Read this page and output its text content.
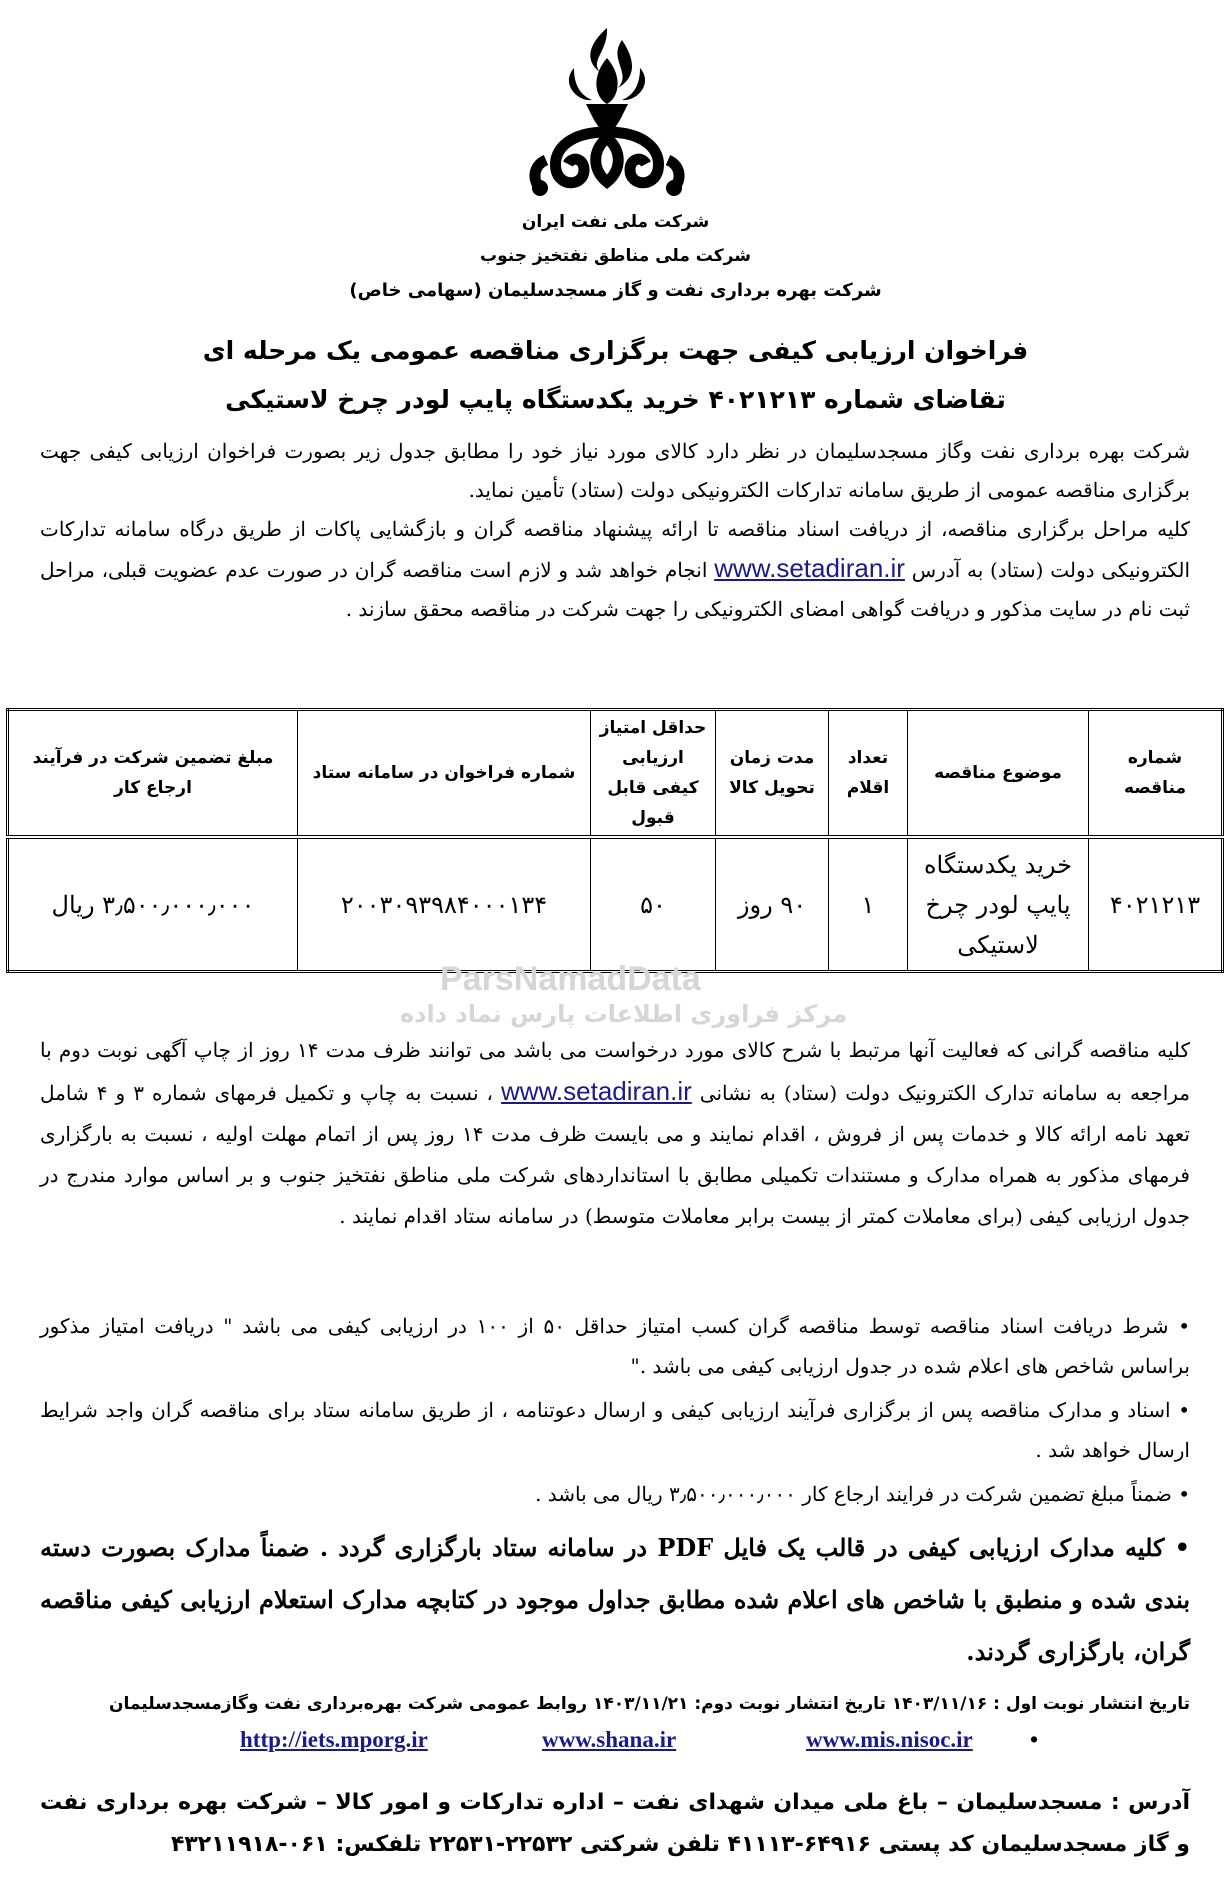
شرکت ملی نفت ایران
شرکت ملی مناطق نفتخیز جنوب
شرکت بهره برداری نفت و گاز مسجدسلیمان (سهامی خاص)
فراخوان ارزیابی کیفی جهت برگزاری مناقصه عمومی یک مرحله ای
تقاضای شماره ۴۰۲۱۲۱۳ خرید یکدستگاه پایپ لودر چرخ لاستیکی
شرکت بهره برداری نفت وگاز مسجدسلیمان در نظر دارد کالای مورد نیاز خود را مطابق جدول زیر بصورت فراخوان ارزیابی کیفی جهت برگزاری مناقصه عمومی از طریق سامانه تدارکات الکترونیکی دولت (ستاد) تأمین نماید.
کلیه مراحل برگزاری مناقصه، از دریافت اسناد مناقصه تا ارائه پیشنهاد مناقصه گران و بازگشایی پاکات از طریق درگاه سامانه تدارکات الکترونیکی دولت (ستاد) به آدرس www.setadiran.ir انجام خواهد شد و لازم است مناقصه گران در صورت عدم عضویت قبلی، مراحل ثبت نام در سایت مذکور و دریافت گواهی امضای الکترونیکی را جهت شرکت در مناقصه محقق سازند .
شماره مناقصه	موضوع مناقصه	تعداد اقلام	مدت زمان تحویل کالا	حداقل امتیاز ارزیابی کیفی قابل قبول	شماره فراخوان در سامانه ستاد	مبلغ تضمین شرکت در فرآیند ارجاع کار
۴۰۲۱۲۱۳	خرید یکدستگاه پایپ لودر چرخ لاستیکی	۱	۹۰ روز	۵۰	۲۰۰۳۰۹۳۹۸۴۰۰۰۱۳۴	۳٫۵۰۰٫۰۰۰٫۰۰۰ ریال
ParsNamadData
مرکز فراوری اطلاعات پارس نماد داده
کلیه مناقصه گرانی که فعالیت آنها مرتبط با شرح کالای مورد درخواست می باشد می توانند ظرف مدت ۱۴ روز از چاپ آگهی نوبت دوم با مراجعه به سامانه تدارک الکترونیک دولت (ستاد) به نشانی www.setadiran.ir ، نسبت به چاپ و تکمیل فرمهای شماره ۳ و ۴ شامل تعهد نامه ارائه کالا و خدمات پس از فروش ، اقدام نمایند و می بایست ظرف مدت ۱۴ روز پس از اتمام مهلت اولیه ، نسبت به بارگزاری فرمهای مذکور به همراه مدارک و مستندات تکمیلی مطابق با استانداردهای شرکت ملی مناطق نفتخیز جنوب و بر اساس موارد مندرج در جدول ارزیابی کیفی (برای معاملات کمتر از بیست برابر معاملات متوسط) در سامانه ستاد اقدام نمایند .
• شرط دریافت اسناد مناقصه توسط مناقصه گران کسب امتیاز حداقل ۵۰ از ۱۰۰ در ارزیابی کیفی می باشد " دریافت امتیاز مذکور براساس شاخص های اعلام شده در جدول ارزیابی کیفی می باشد ."
• اسناد و مدارک مناقصه پس از برگزاری فرآیند ارزیابی کیفی و ارسال دعوتنامه ، از طریق سامانه ستاد برای مناقصه گران واجد شرایط ارسال خواهد شد .
• ضمناً مبلغ تضمین شرکت در فرایند ارجاع کار ۳٫۵۰۰٫۰۰۰٫۰۰۰ ریال می باشد .
• کلیه مدارک ارزیابی کیفی در قالب یک فایل PDF در سامانه ستاد بارگزاری گردد . ضمناً مدارک بصورت دسته بندی شده و منطبق با شاخص های اعلام شده مطابق جداول موجود در کتابچه مدارک استعلام ارزیابی کیفی مناقصه گران، بارگزاری گردند.
تاریخ انتشار نوبت اول : ۱۴۰۳/۱۱/۱۶ تاریخ انتشار نوبت دوم: ۱۴۰۳/۱۱/۲۱ روابط عمومی شرکت بهره‌برداری نفت وگازمسجدسلیمان
http://iets.mporg.ir	www.shana.ir	www.mis.nisoc.ir •
آدرس : مسجدسلیمان – باغ ملی میدان شهدای نفت – اداره تدارکات و امور کالا – شرکت بهره برداری نفت و گاز مسجدسلیمان کد پستی ۶۴۹۱۶-۴۱۱۱۳ تلفن شرکتی ۲۲۵۳۲-۲۲۵۳۱ تلفکس: ۰۶۱-۴۳۲۱۱۹۱۸
